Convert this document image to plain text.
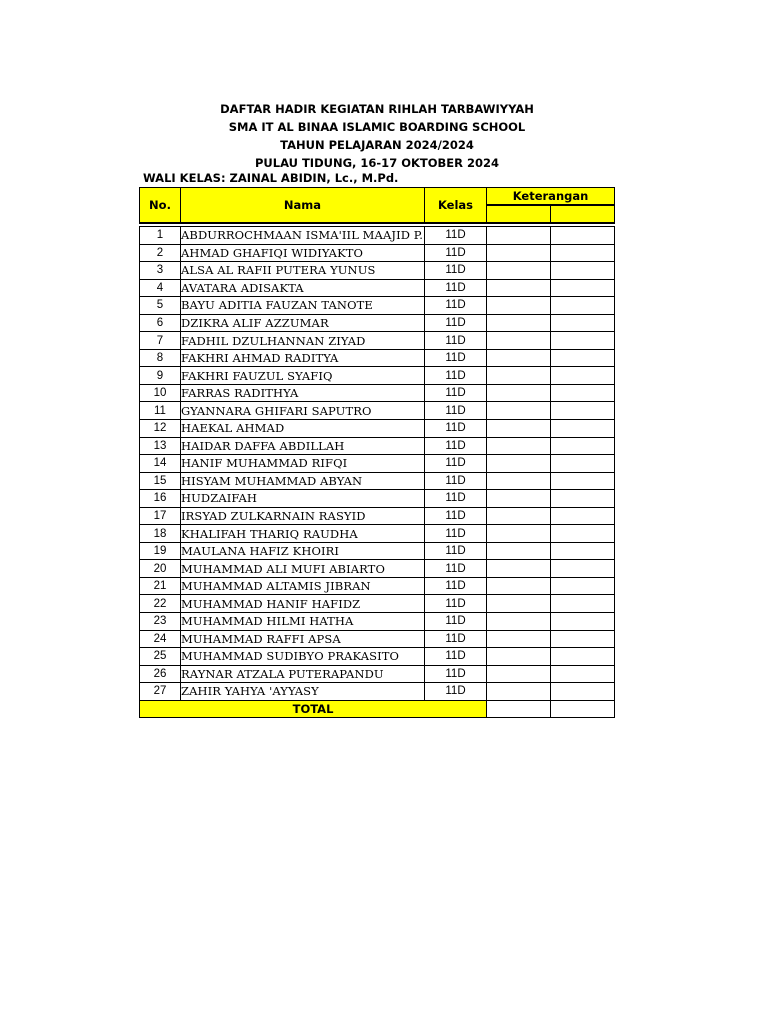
DAFTAR HADIR KEGIATAN RIHLAH TARBAWIYYAH
SMA IT AL BINAA ISLAMIC BOARDING SCHOOL
TAHUN PELAJARAN 2024/2024
PULAU TIDUNG, 16-17 OKTOBER 2024
WALI KELAS: ZAINAL ABIDIN, Lc., M.Pd.
No.	Nama	Kelas	Keterangan	

1	ABDURROCHMAAN ISMA'IIL MAAJID P.	11D		
2	AHMAD GHAFIQI WIDIYAKTO	11D		
3	ALSA AL RAFII PUTERA YUNUS	11D		
4	AVATARA ADISAKTA	11D		
5	BAYU ADITIA FAUZAN TANOTE	11D		
6	DZIKRA ALIF AZZUMAR	11D		
7	FADHIL DZULHANNAN ZIYAD	11D		
8	FAKHRI AHMAD RADITYA	11D		
9	FAKHRI FAUZUL SYAFIQ	11D		
10	FARRAS RADITHYA	11D		
11	GYANNARA GHIFARI SAPUTRO	11D		
12	HAEKAL AHMAD	11D		
13	HAIDAR DAFFA ABDILLAH	11D		
14	HANIF MUHAMMAD RIFQI	11D		
15	HISYAM MUHAMMAD ABYAN	11D		
16	HUDZAIFAH	11D		
17	IRSYAD ZULKARNAIN RASYID	11D		
18	KHALIFAH THARIQ RAUDHA	11D		
19	MAULANA HAFIZ KHOIRI	11D		
20	MUHAMMAD ALI MUFI ABIARTO	11D		
21	MUHAMMAD ALTAMIS JIBRAN	11D		
22	MUHAMMAD HANIF HAFIDZ	11D		
23	MUHAMMAD HILMI HATHA	11D		
24	MUHAMMAD RAFFI APSA	11D		
25	MUHAMMAD SUDIBYO PRAKASITO	11D		
26	RAYNAR ATZALA PUTERAPANDU	11D		
27	ZAHIR YAHYA 'AYYASY	11D		
TOTAL				
